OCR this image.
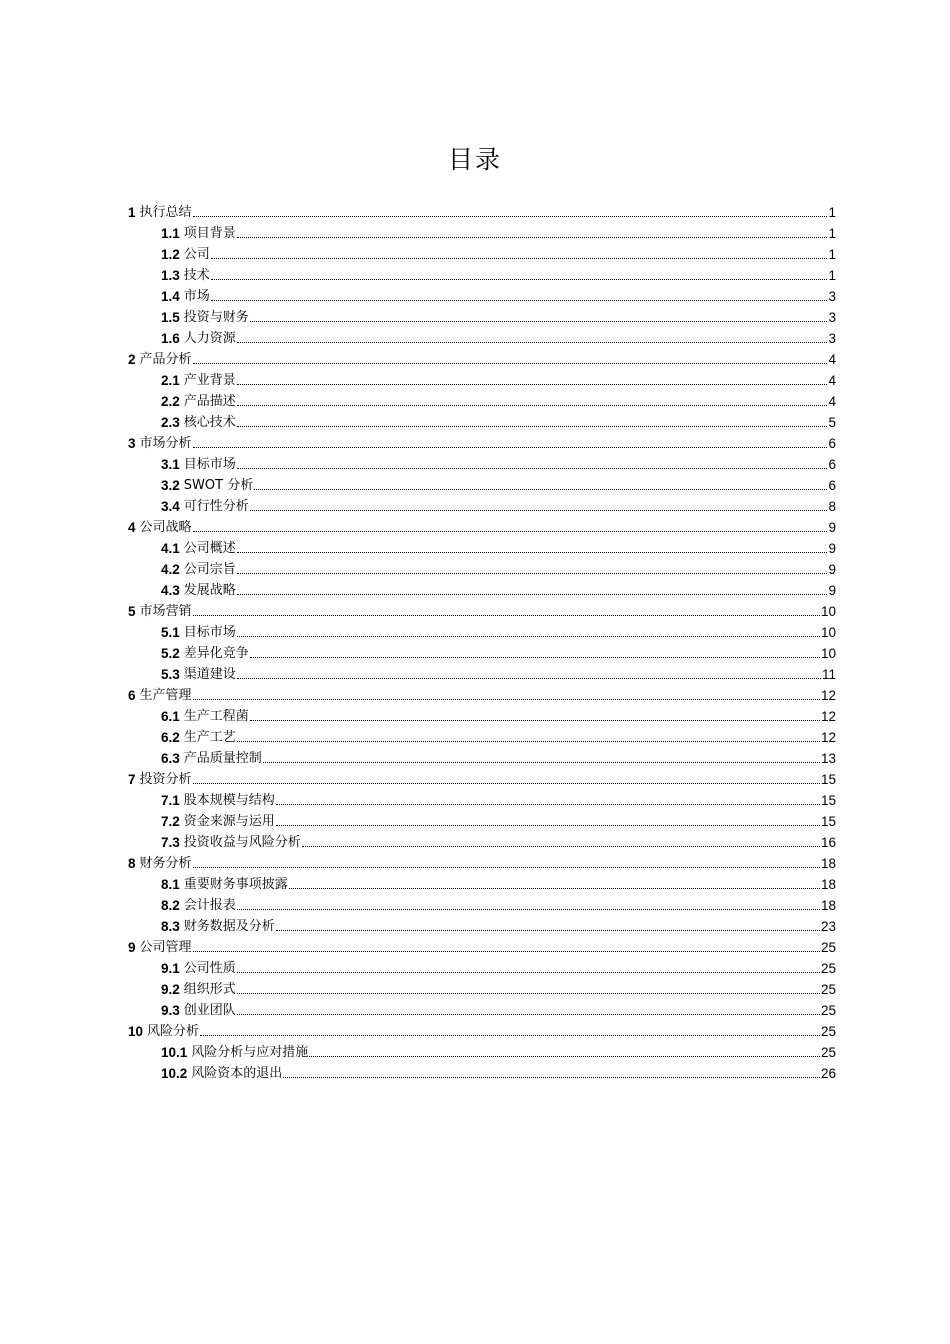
目录
1 执行总结	1
1.1 项目背景	1
1.2 公司	1
1.3 技术	1
1.4 市场	3
1.5 投资与财务	3
1.6 人力资源	3
2 产品分析	4
2.1 产业背景	4
2.2 产品描述	4
2.3 核心技术	5
3 市场分析	6
3.1 目标市场	6
3.2 SWOT 分析	6
3.4 可行性分析	8
4 公司战略	9
4.1 公司概述	9
4.2 公司宗旨	9
4.3 发展战略	9
5 市场营销	10
5.1 目标市场	10
5.2 差异化竞争	10
5.3 渠道建设	11
6 生产管理	12
6.1 生产工程菌	12
6.2 生产工艺	12
6.3 产品质量控制	13
7 投资分析	15
7.1 股本规模与结构	15
7.2 资金来源与运用	15
7.3 投资收益与风险分析	16
8 财务分析	18
8.1 重要财务事项披露	18
8.2 会计报表	18
8.3 财务数据及分析	23
9 公司管理	25
9.1 公司性质	25
9.2 组织形式	25
9.3 创业团队	25
10 风险分析	25
10.1 风险分析与应对措施	25
10.2 风险资本的退出	26
